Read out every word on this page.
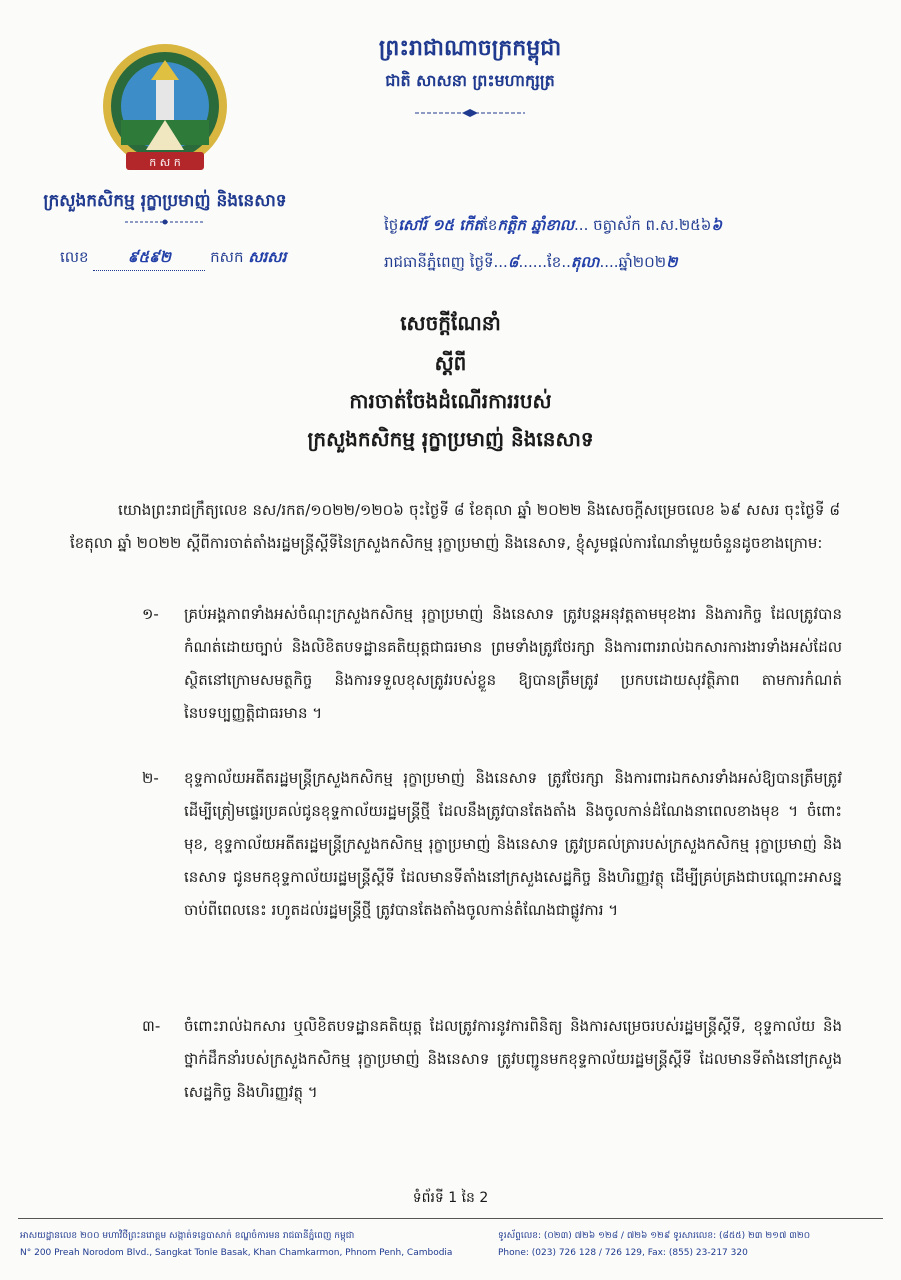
ក ស ក
ក្រសួងកសិកម្ម រុក្ខាប្រមាញ់ និងនេសាទ
លេខ	៩៥៩២	កសក សរសរ
ព្រះរាជាណាចក្រកម្ពុជា
ជាតិ សាសនា ព្រះមហាក្សត្រ
ថ្ងៃសៅរ៍ ១៥ កើតខែកត្តិក ឆ្នាំខាល... ចត្វាស័ក ព.ស.២៥៦៦
រាជធានីភ្នំពេញ ថ្ងៃទី...៨......ខែ..តុលា....ឆ្នាំ២០២២
សេចក្តីណែនាំ
ស្តីពី
ការចាត់ចែងដំណើរការរបស់
ក្រសួងកសិកម្ម រុក្ខាប្រមាញ់ និងនេសាទ
យោងព្រះរាជក្រឹត្យលេខ នស/រកត/១០២២/១២០៦ ចុះថ្ងៃទី ៨ ខែតុលា ឆ្នាំ ២០២២ និងសេចក្តីសម្រេចលេខ ៦៩ សសរ ចុះថ្ងៃទី ៨ ខែតុលា ឆ្នាំ ២០២២ ស្តីពីការចាត់តាំងរដ្ឋមន្ត្រីស្តីទីនៃក្រសួងកសិកម្ម រុក្ខាប្រមាញ់ និងនេសាទ, ខ្ញុំសូមផ្តល់ការណែនាំមួយចំនួនដូចខាងក្រោម:
១-	គ្រប់អង្គភាពទាំងអស់ចំណុះក្រសួងកសិកម្ម រុក្ខាប្រមាញ់ និងនេសាទ ត្រូវបន្តអនុវត្តតាមមុខងារ និងភារកិច្ច ដែលត្រូវបានកំណត់ដោយច្បាប់ និងលិខិតបទដ្ឋានគតិយុត្តជាធរមាន ព្រមទាំងត្រូវថែរក្សា និងការពាររាល់ឯកសារការងារទាំងអស់ដែលស្ថិតនៅក្រោមសមត្ថកិច្ច និងការទទួលខុសត្រូវរបស់ខ្លួន ឱ្យបានត្រឹមត្រូវ ប្រកបដោយសុវត្ថិភាព តាមការកំណត់នៃបទប្បញ្ញត្តិជាធរមាន ។
២-	ខុទ្ទកាល័យអតីតរដ្ឋមន្ត្រីក្រសួងកសិកម្ម រុក្ខាប្រមាញ់ និងនេសាទ ត្រូវថែរក្សា និងការពារឯកសារទាំងអស់ឱ្យបានត្រឹមត្រូវ ដើម្បីត្រៀមផ្ទេរប្រគល់ជូនខុទ្ទកាល័យរដ្ឋមន្ត្រីថ្មី ដែលនឹងត្រូវបានតែងតាំង និងចូលកាន់ដំណែងនាពេលខាងមុខ ។ ចំពោះមុខ, ខុទ្ទកាល័យអតីតរដ្ឋមន្ត្រីក្រសួងកសិកម្ម រុក្ខាប្រមាញ់ និងនេសាទ ត្រូវប្រគល់ត្រារបស់ក្រសួងកសិកម្ម រុក្ខាប្រមាញ់ និងនេសាទ ជូនមកខុទ្ទកាល័យរដ្ឋមន្ត្រីស្តីទី ដែលមានទីតាំងនៅក្រសួងសេដ្ឋកិច្ច និងហិរញ្ញវត្ថុ ដើម្បីគ្រប់គ្រងជាបណ្តោះអាសន្ន ចាប់ពីពេលនេះ រហូតដល់រដ្ឋមន្ត្រីថ្មី ត្រូវបានតែងតាំងចូលកាន់តំណែងជាផ្លូវការ ។
៣-	ចំពោះរាល់ឯកសារ ឬលិខិតបទដ្ឋានគតិយុត្ត ដែលត្រូវការនូវការពិនិត្យ និងការសម្រេចរបស់រដ្ឋមន្ត្រីស្តីទី, ខុទ្ទកាល័យ និងថ្នាក់ដឹកនាំរបស់ក្រសួងកសិកម្ម រុក្ខាប្រមាញ់ និងនេសាទ ត្រូវបញ្ជូនមកខុទ្ទកាល័យរដ្ឋមន្ត្រីស្តីទី ដែលមានទីតាំងនៅក្រសួងសេដ្ឋកិច្ច និងហិរញ្ញវត្ថុ ។
ទំព័រទី 1 នៃ 2
អាសយដ្ឋានលេខ ២០០ មហាវិថីព្រះនរោត្តម សង្កាត់ទន្លេបាសាក់ ខណ្ឌចំការមន រាជធានីភ្នំពេញ កម្ពុជា
N° 200 Preah Norodom Blvd., Sangkat Tonle Basak, Khan Chamkarmon, Phnom Penh, Cambodia
ទូរស័ព្ទលេខ: (០២៣) ៧២៦ ១២៨ / ៧២៦ ១២៩ ទូរសារលេខ: (៨៥៥) ២៣ ២១៧ ៣២០
Phone: (023) 726 128 / 726 129, Fax: (855) 23-217 320
